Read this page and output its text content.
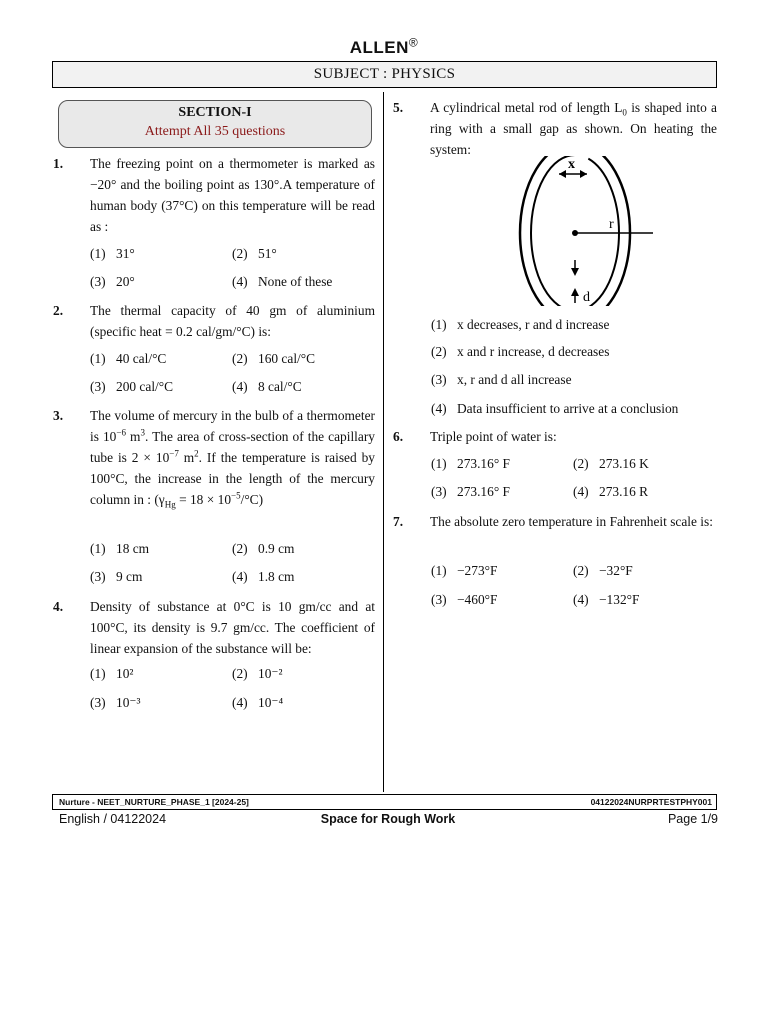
ALLEN®
SUBJECT : PHYSICS
SECTION-I
Attempt All 35 questions
1. The freezing point on a thermometer is marked as −20° and the boiling point as 130°.A temperature of human body (37°C) on this temperature will be read as :
(1) 31°	(2) 51°
(3) 20°	(4) None of these
2. The thermal capacity of 40 gm of aluminium (specific heat = 0.2 cal/gm/°C) is:
(1) 40 cal/°C	(2) 160 cal/°C
(3) 200 cal/°C	(4) 8 cal/°C
3. The volume of mercury in the bulb of a thermometer is $10^{-6}$ $m^3$. The area of cross-section of the capillary tube is $2 \times 10^{-7}$ $m^2$. If the temperature is raised by 100°C, the increase in the length of the mercury column in : $(\gamma_{Hg} = 18 \times 10^{-5}/^\circ C)$
(1) 18 cm	(2) 0.9 cm
(3) 9 cm	(4) 1.8 cm
4. Density of substance at 0°C is 10 gm/cc and at 100°C, its density is 9.7 gm/cc. The coefficient of linear expansion of the substance will be:
(1) 10²	(2) 10⁻²
(3) 10⁻³	(4) 10⁻⁴
5. A cylindrical metal rod of length $L_0$ is shaped into a ring with a small gap as shown. On heating the system:
r
x
d
(1) x decreases, r and d increase
(2) x and r increase, d decreases
(3) x, r and d all increase
(4) Data insufficient to arrive at a conclusion
6. Triple point of water is:
(1) 273.16° F	(2) 273.16 K
(3) 273.16° F	(4) 273.16 R
7. The absolute zero temperature in Fahrenheit scale is:
(1) −273°F	(2) −32°F
(3) −460°F	(4) −132°F
Nurture - NEET_NURTURE_PHASE_1 [2024-25]	04122024NURPRTESTPHY001
English / 04122024	Space for Rough Work	Page 1/9
